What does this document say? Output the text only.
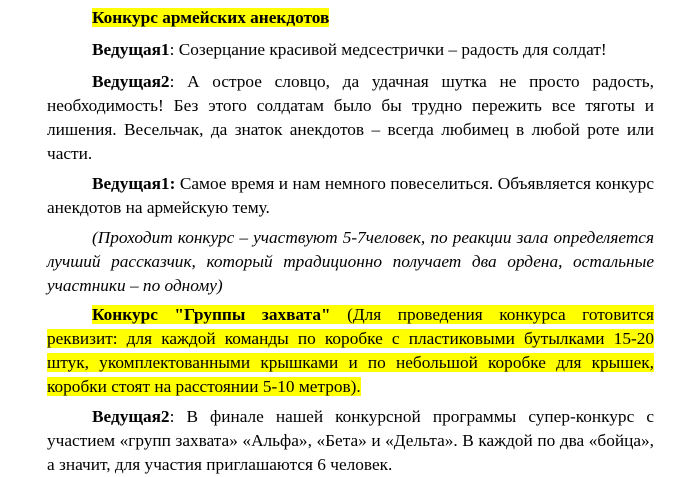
Конкурс армейских анекдотов

Ведущая1: Созерцание красивой медсестрички – радость для солдат!

Ведущая2: А острое словцо, да удачная шутка не просто радость, необходимость! Без этого солдатам было бы трудно пережить все тяготы и лишения. Весельчак, да знаток анекдотов – всегда любимец в любой роте или части.

Ведущая1: Самое время и нам немного повеселиться. Объявляется конкурс анекдотов на армейскую тему.

(Проходит конкурс – участвуют 5-7человек, по реакции зала определяется лучший рассказчик, который традиционно получает два ордена, остальные участники – по одному)

Конкурс "Группы захвата" (Для проведения конкурса готовится реквизит: для каждой команды по коробке с пластиковыми бутылками 15-20 штук, укомплектованными крышками и по небольшой коробке для крышек, коробки стоят на расстоянии 5-10 метров).

Ведущая2: В финале нашей конкурсной программы супер-конкурс с участием «групп захвата» «Альфа», «Бета» и «Дельта». В каждой по два «бойца», а значит, для участия приглашаются 6 человек.
